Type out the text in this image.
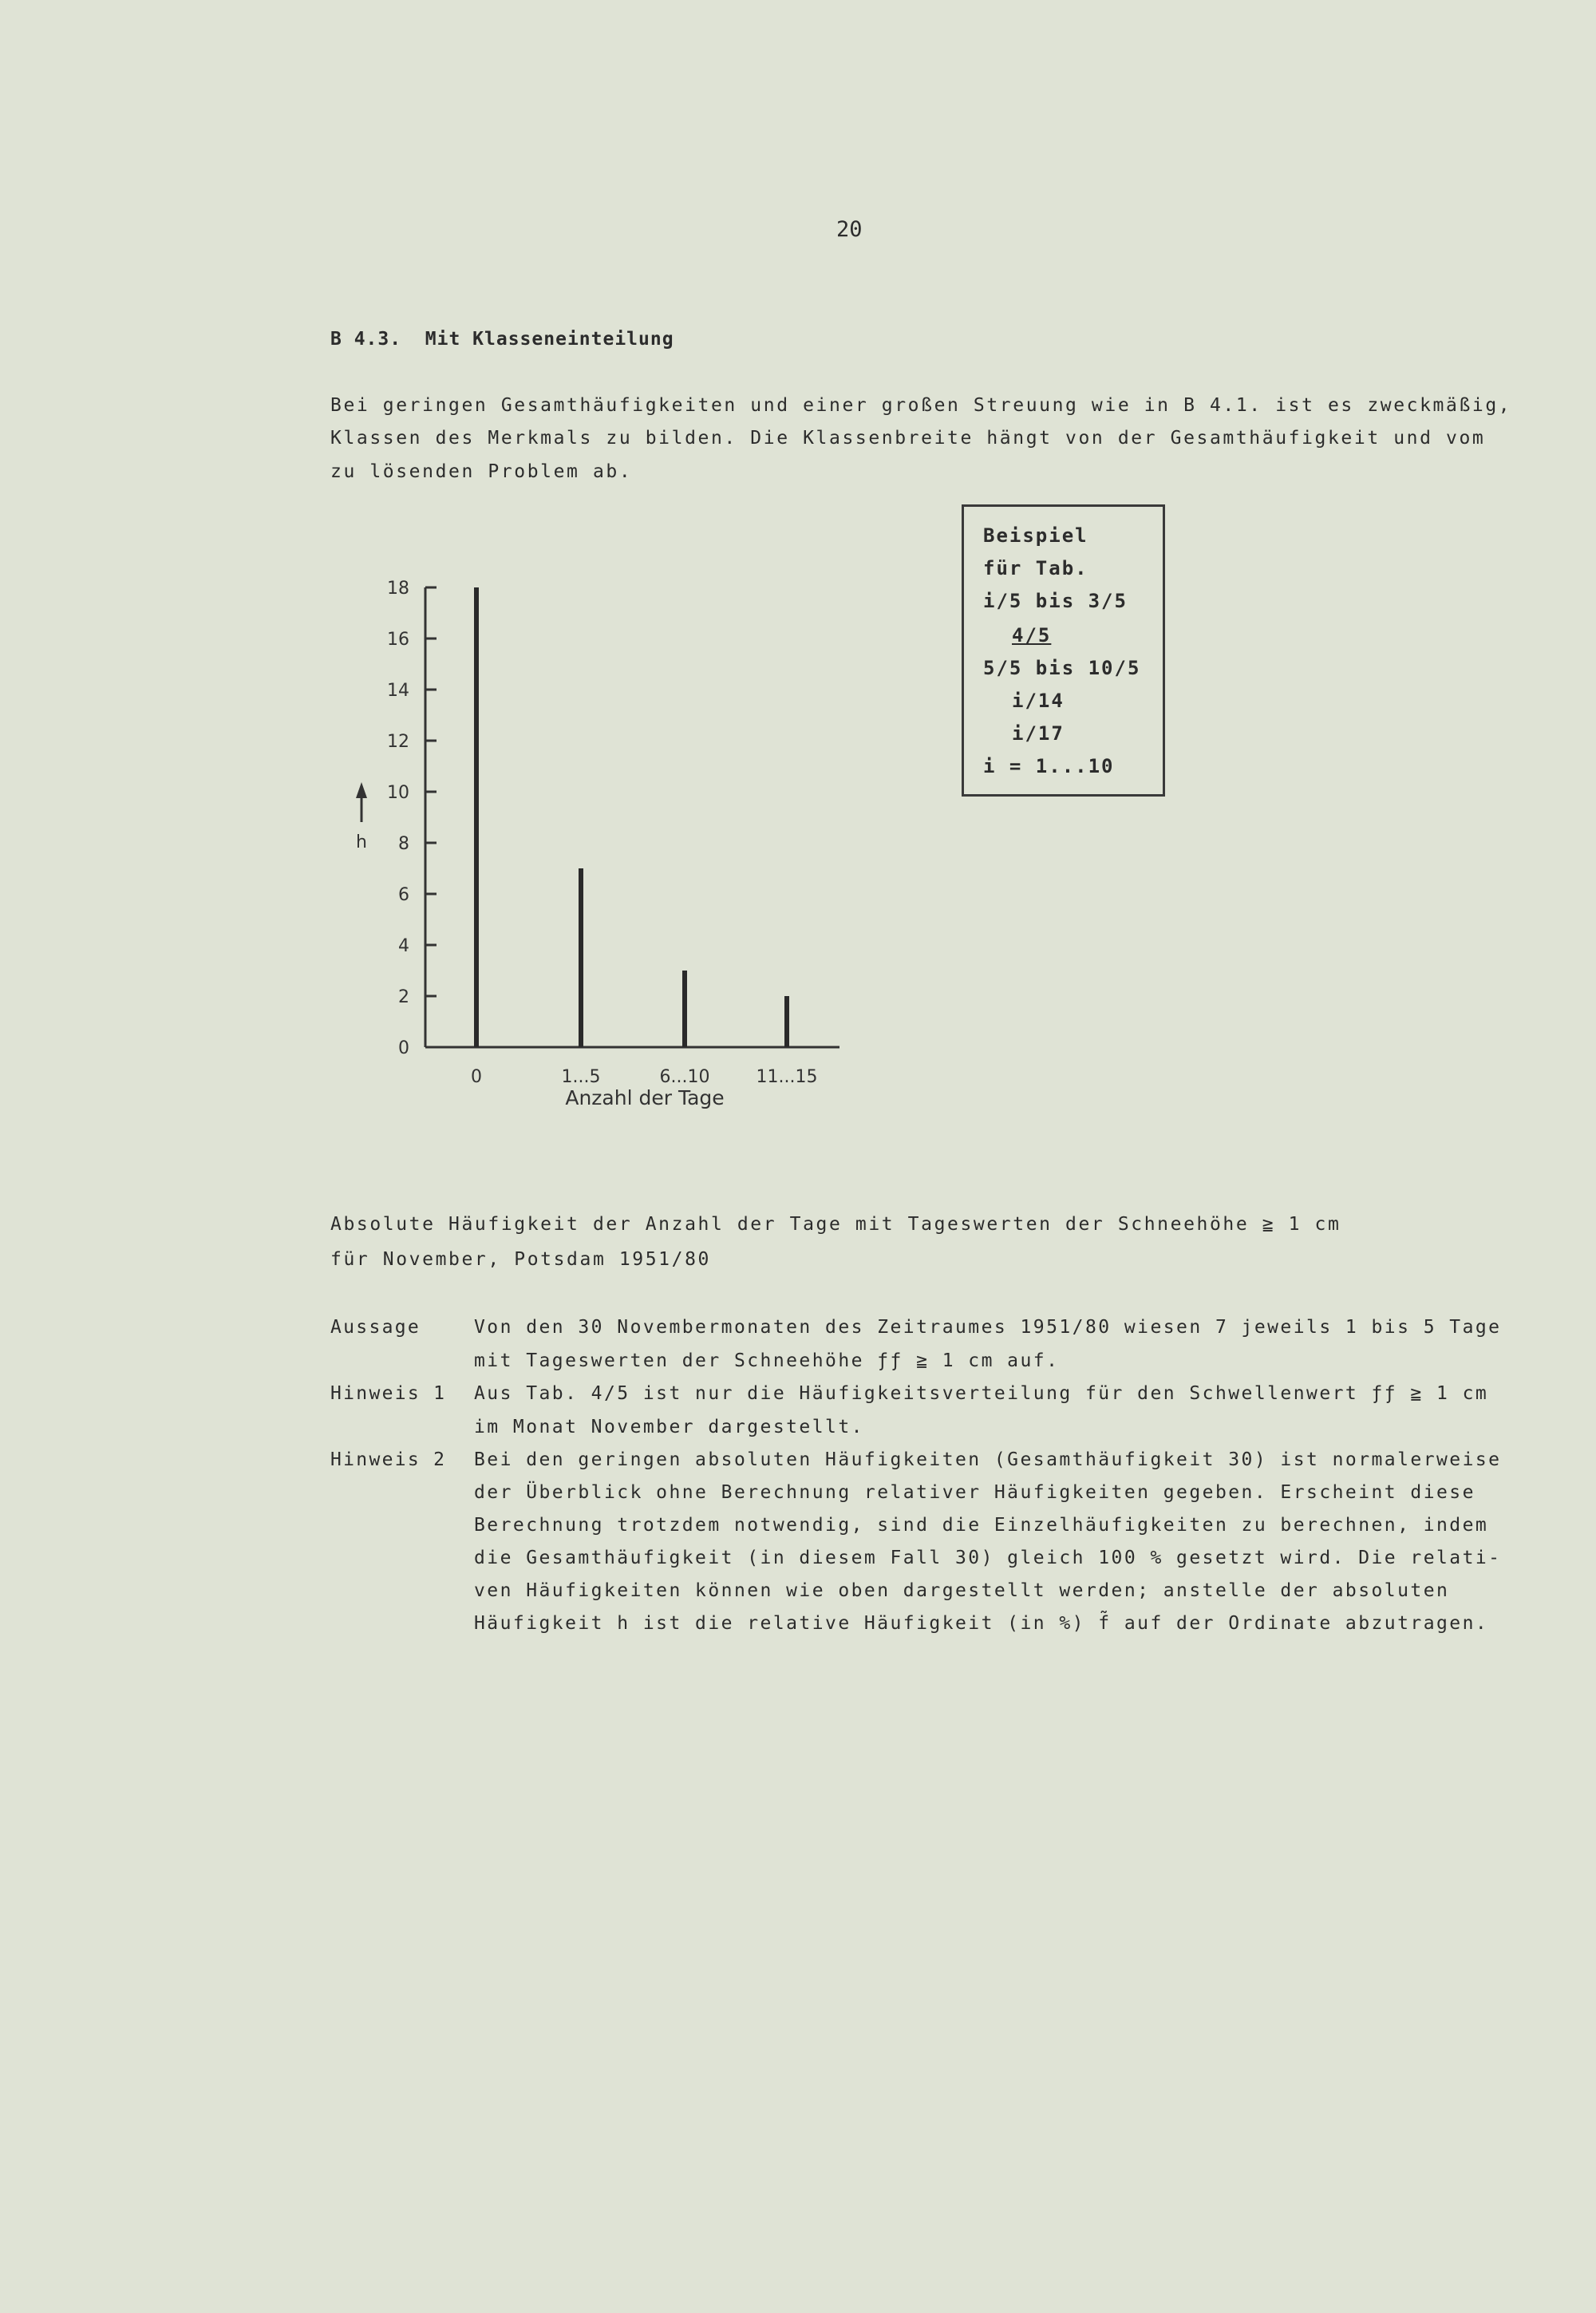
20
B 4.3.  Mit Klasseneinteilung
Bei geringen Gesamthäufigkeiten und einer großen Streuung wie in B 4.1. ist es zweckmäßig,
Klassen des Merkmals zu bilden. Die Klassenbreite hängt von der Gesamthäufigkeit und vom
zu lösenden Problem ab.
Beispiel
für Tab.
i/5 bis 3/5
4/5
5/5 bis 10/5
i/14
i/17
i = 1...10
0
2
4
6
8
10
12
14
16
18
0	1...5	6...10	11...15
h
Anzahl der Tage
Absolute Häufigkeit der Anzahl der Tage mit Tageswerten der Schneehöhe ≧ 1 cm
für November, Potsdam 1951/80
Aussage	Von den 30 Novembermonaten des Zeitraumes 1951/80 wiesen 7 jeweils 1 bis 5 Tage
mit Tageswerten der Schneehöhe ƒƒ ≧ 1 cm auf.
Hinweis 1 Aus Tab. 4/5 ist nur die Häufigkeitsverteilung für den Schwellenwert ƒƒ ≧ 1 cm
im Monat November dargestellt.
Hinweis 2 Bei den geringen absoluten Häufigkeiten (Gesamthäufigkeit 30) ist normalerweise
der Überblick ohne Berechnung relativer Häufigkeiten gegeben. Erscheint diese
Berechnung trotzdem notwendig, sind die Einzelhäufigkeiten zu berechnen, indem
die Gesamthäufigkeit (in diesem Fall 30) gleich 100 % gesetzt wird. Die relati-
ven Häufigkeiten können wie oben dargestellt werden; anstelle der absoluten
Häufigkeit h ist die relative Häufigkeit (in %) f̃ auf der Ordinate abzutragen.
